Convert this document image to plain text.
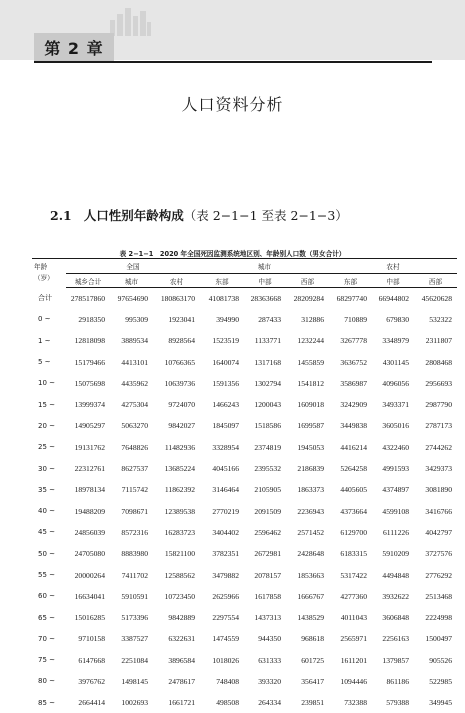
第 2 章
人口资料分析
2.1 人口性别年龄构成（表 2−1−1 至表 2−1−3）
表 2−1−1　2020 年全国死因监测系统地区别、年龄别人口数（男女合计）

年龄
（岁）	全国			城市			农村		
	城乡合计	城市	农村	东部	中部	西部	东部	中部	西部
合计	278517860	97654690	180863170	41081738	28363668	28209284	68297740	66944802	45620628
0 ~	2918350	995309	1923041	394990	287433	312886	710889	679830	532322
1 ~	12818098	3889534	8928564	1523519	1133771	1232244	3267778	3348979	2311807
5 ~	15179466	4413101	10766365	1640074	1317168	1455859	3636752	4301145	2808468
10 ~	15075698	4435962	10639736	1591356	1302794	1541812	3586987	4096056	2956693
15 ~	13999374	4275304	9724070	1466243	1200043	1609018	3242909	3493371	2987790
20 ~	14905297	5063270	9842027	1845097	1518586	1699587	3449838	3605016	2787173
25 ~	19131762	7648826	11482936	3328954	2374819	1945053	4416214	4322460	2744262
30 ~	22312761	8627537	13685224	4045166	2395532	2186839	5264258	4991593	3429373
35 ~	18978134	7115742	11862392	3146464	2105905	1863373	4405605	4374897	3081890
40 ~	19488209	7098671	12389538	2770219	2091509	2236943	4373664	4599108	3416766
45 ~	24856039	8572316	16283723	3404402	2596462	2571452	6129700	6111226	4042797
50 ~	24705080	8883980	15821100	3782351	2672981	2428648	6183315	5910209	3727576
55 ~	20000264	7411702	12588562	3479882	2078157	1853663	5317422	4494848	2776292
60 ~	16634041	5910591	10723450	2625966	1617858	1666767	4277360	3932622	2513468
65 ~	15016285	5173396	9842889	2297554	1437313	1438529	4011043	3606848	2224998
70 ~	9710158	3387527	6322631	1474559	944350	968618	2565971	2256163	1500497
75 ~	6147668	2251084	3896584	1018026	631333	601725	1611201	1379857	905526
80 ~	3976762	1498145	2478617	748408	393320	356417	1094446	861186	522985
85 ~	2664414	1002693	1661721	498508	264334	239851	732388	579388	349945
